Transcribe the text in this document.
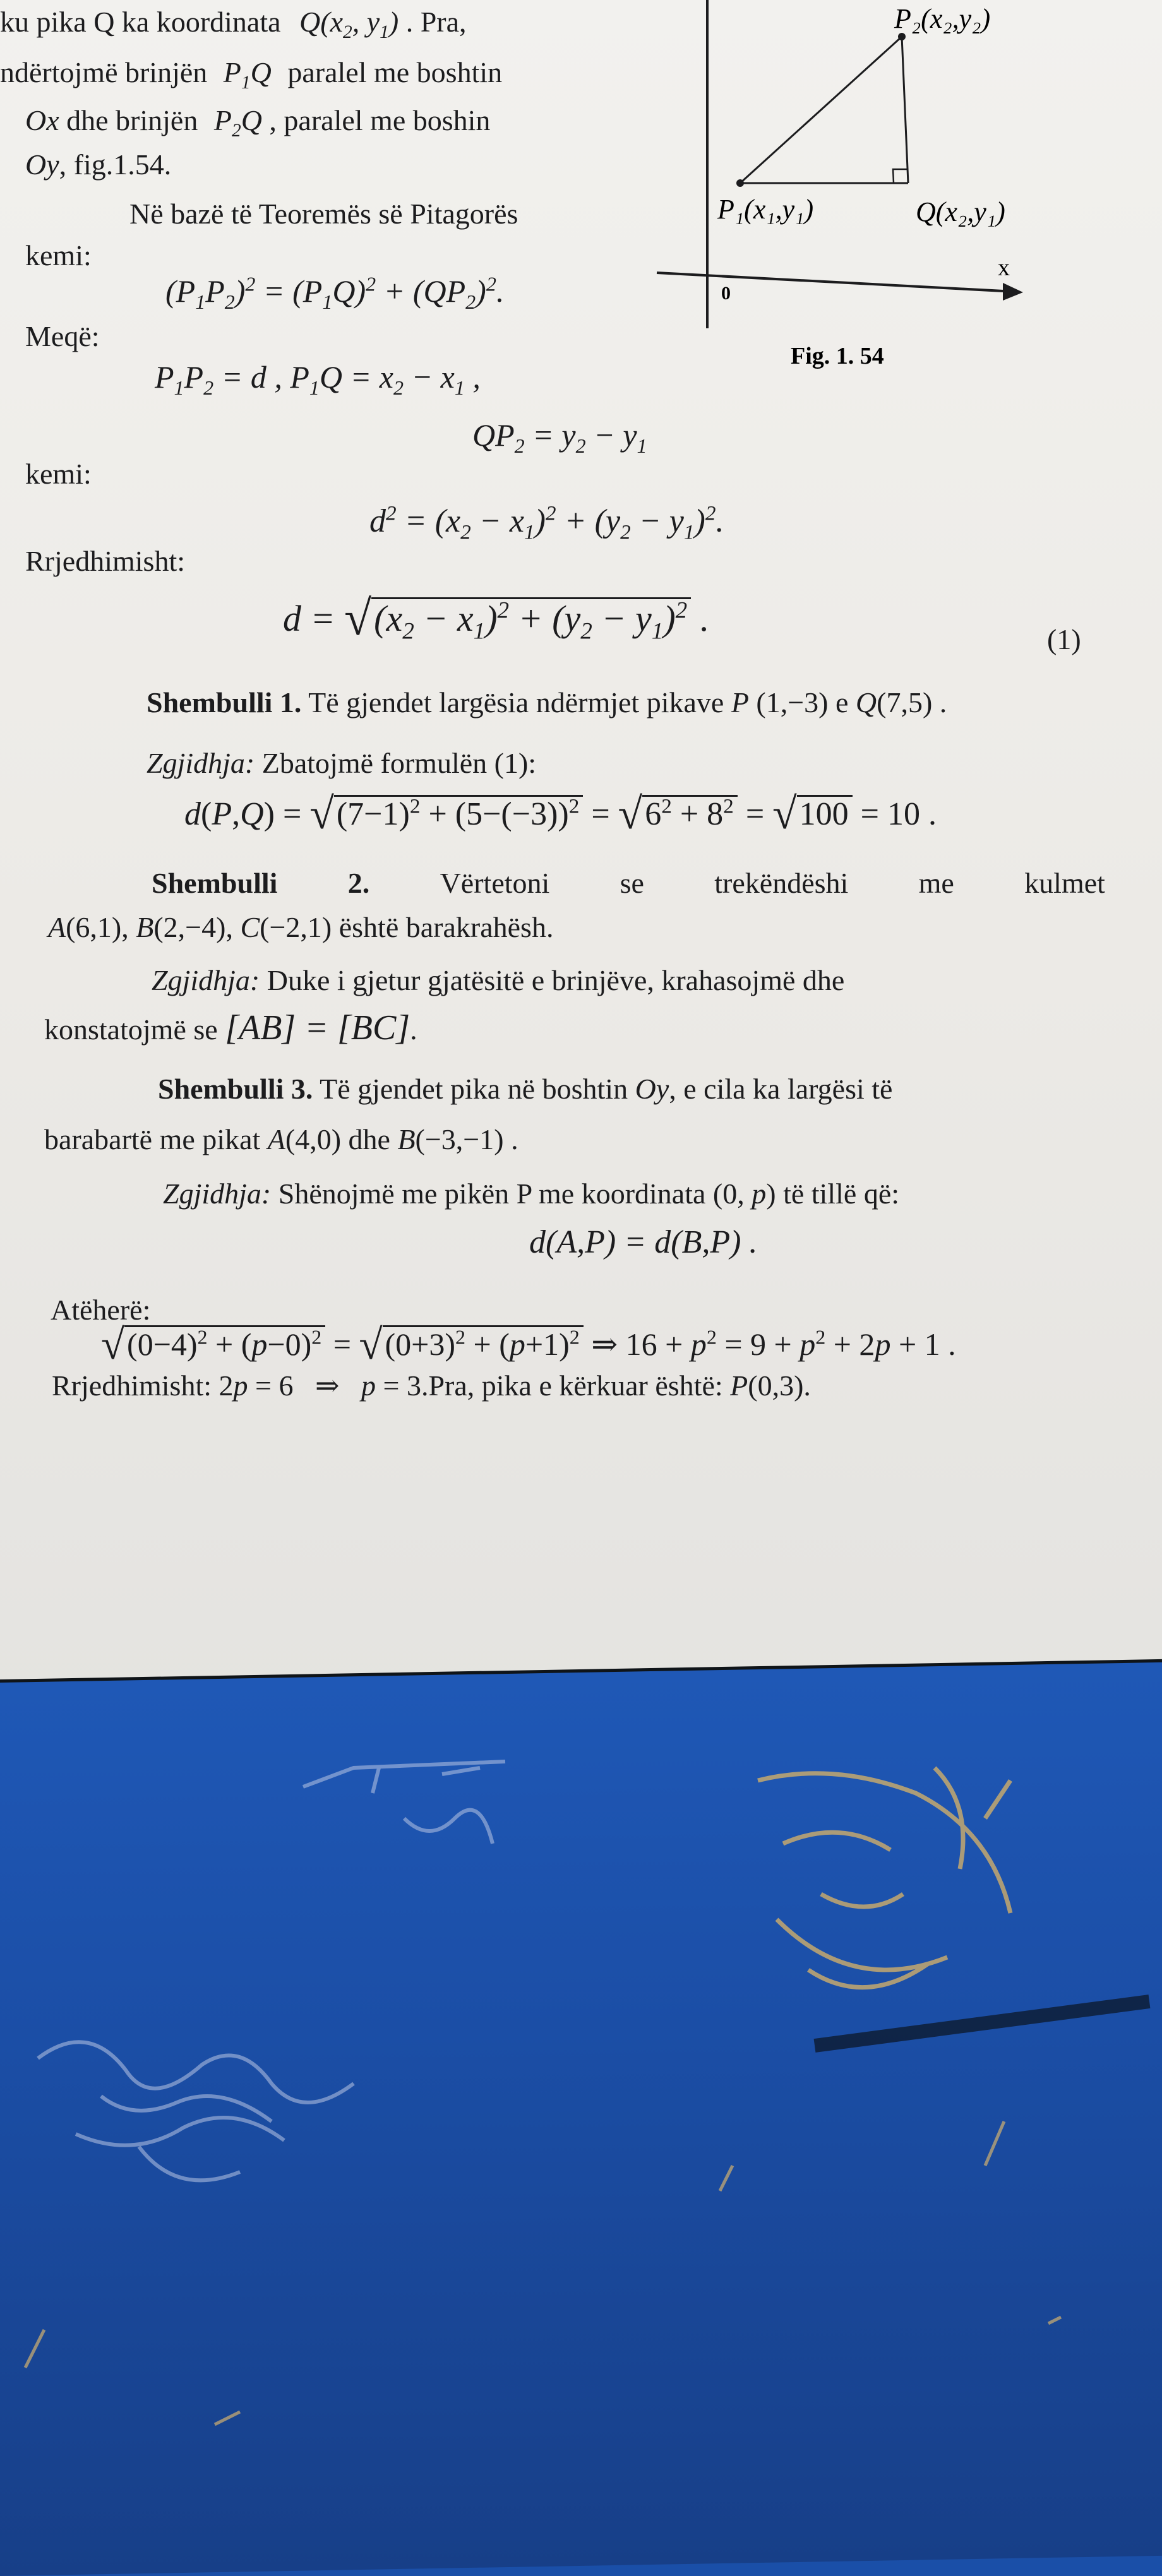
ku pika Q ka koordinata $Q(x_2$, $y_1$) . Pra,
ndërtojmë brinjën $P_1Q$ paralel me boshtin
Ox dhe brinjën $P_2Q$ , paralel me boshin
Oy, fig.1.54.
Në bazë të Teoremës së Pitagorës
kemi:
$(P_1P_2)^2 = (P_1Q)^2 + (QP_2)^2$.
Meqë:
$P_1P_2 = d$ , $P_1Q = x_2 - x_1$ ,
$QP_2 = y_2 - y_1$
kemi:
$d^2 = (x_2 - x_1)^2 + (y_2 - y_1)^2$.
Rrjedhimisht:
$d = √(x_2 - x_1)^2 + (y_2 - y_1)^2$ .
(1)
P₂(x₂,y₂)
P₁(x₁,y₁)	Q(x₂,y₁)
x
0
Fig. 1. 54
Shembulli 1. Të gjendet largësia ndërmjet pikave P (1,−3) e Q(7,5) .
Zgjidhja: Zbatojmë formulën (1):
$d(P,Q) = √(7-1)^2 + (5-(-3))^2 = √6^2 + 8^2 = √100 = 10$ .
Shembulli 2. Vërtetoni se trekëndëshi me kulmet
A(6,1), B(2,−4), C(−2,1) është barakrahësh.
Zgjidhja: Duke i gjetur gjatësitë e brinjëve, krahasojmë dhe
konstatojmë se [AB] = [BC].
Shembulli 3. Të gjendet pika në boshtin Oy, e cila ka largësi të
barabartë me pikat A(4,0) dhe B(−3,−1) .
Zgjidhja: Shënojmë me pikën P me koordinata (0, p) të tillë që:
d(A,P) = d(B,P) .
Atëherë:
$√(0-4)^2 + (p-0)^2 = √(0+3)^2 + (p+1)^2$ ⇒ $16 + p^2 = 9 + p^2 + 2p + 1$ .
Rrjedhimisht: 2p = 6   ⇒   p = 3.Pra, pika e kërkuar është: P(0,3).
